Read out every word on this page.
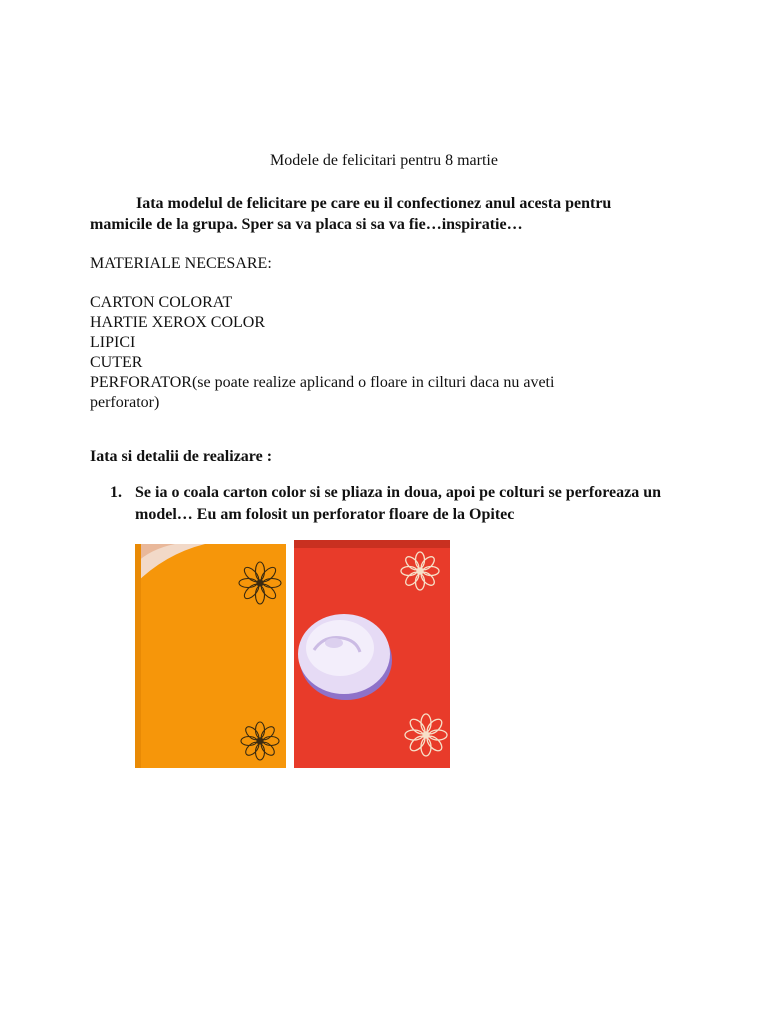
Modele de felicitari pentru 8 martie
Iata modelul de felicitare pe care eu il confectionez anul acesta pentru mamicile de la grupa. Sper sa va placa si sa va fie…inspiratie…
MATERIALE NECESARE:
CARTON COLORAT
HARTIE XEROX COLOR
LIPICI
CUTER
PERFORATOR(se poate realize aplicand o floare in cilturi daca nu aveti perforator)
Iata si detalii de realizare :
1. Se ia o coala carton color si se pliaza in doua, apoi pe colturi se perforeaza un model… Eu am folosit un perforator floare de la Opitec
